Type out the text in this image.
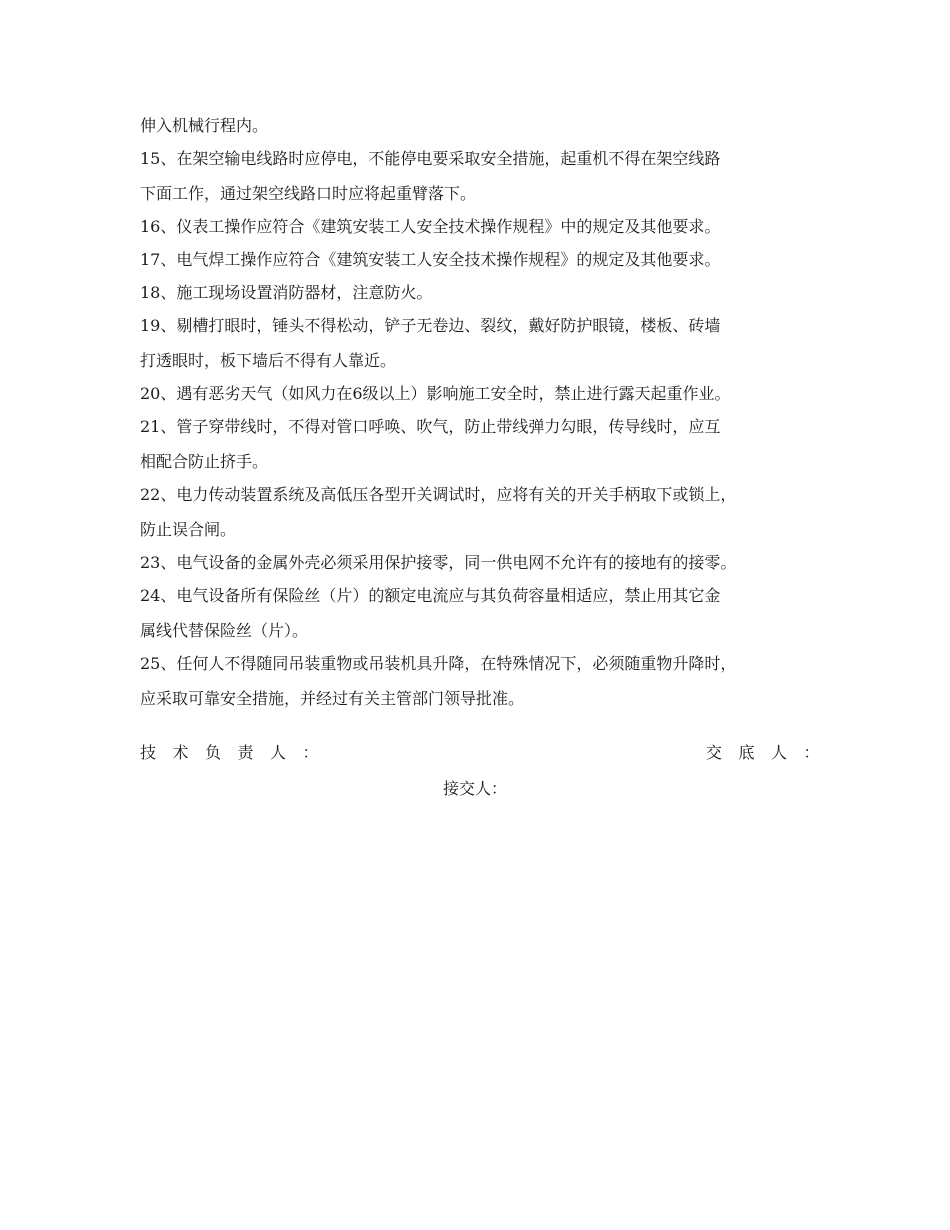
伸入机械行程内。
15、在架空输电线路时应停电，不能停电要采取安全措施，起重机不得在架空线路
下面工作，通过架空线路口时应将起重臂落下。
16、仪表工操作应符合《建筑安装工人安全技术操作规程》中的规定及其他要求。
17、电气焊工操作应符合《建筑安装工人安全技术操作规程》的规定及其他要求。
18、施工现场设置消防器材，注意防火。
19、剔槽打眼时，锤头不得松动，铲子无卷边、裂纹，戴好防护眼镜，楼板、砖墙
打透眼时，板下墙后不得有人靠近。
20、遇有恶劣天气（如风力在6级以上）影响施工安全时，禁止进行露天起重作业。
21、管子穿带线时，不得对管口呼唤、吹气，防止带线弹力勾眼，传导线时，应互
相配合防止挤手。
22、电力传动装置系统及高低压各型开关调试时，应将有关的开关手柄取下或锁上，
防止误合闸。
23、电气设备的金属外壳必须采用保护接零，同一供电网不允许有的接地有的接零。
24、电气设备所有保险丝（片）的额定电流应与其负荷容量相适应，禁止用其它金
属线代替保险丝（片）。
25、任何人不得随同吊装重物或吊装机具升降，在特殊情况下，必须随重物升降时，
应采取可靠安全措施，并经过有关主管部门领导批准。
技术负责人：	交底人：
接交人：
